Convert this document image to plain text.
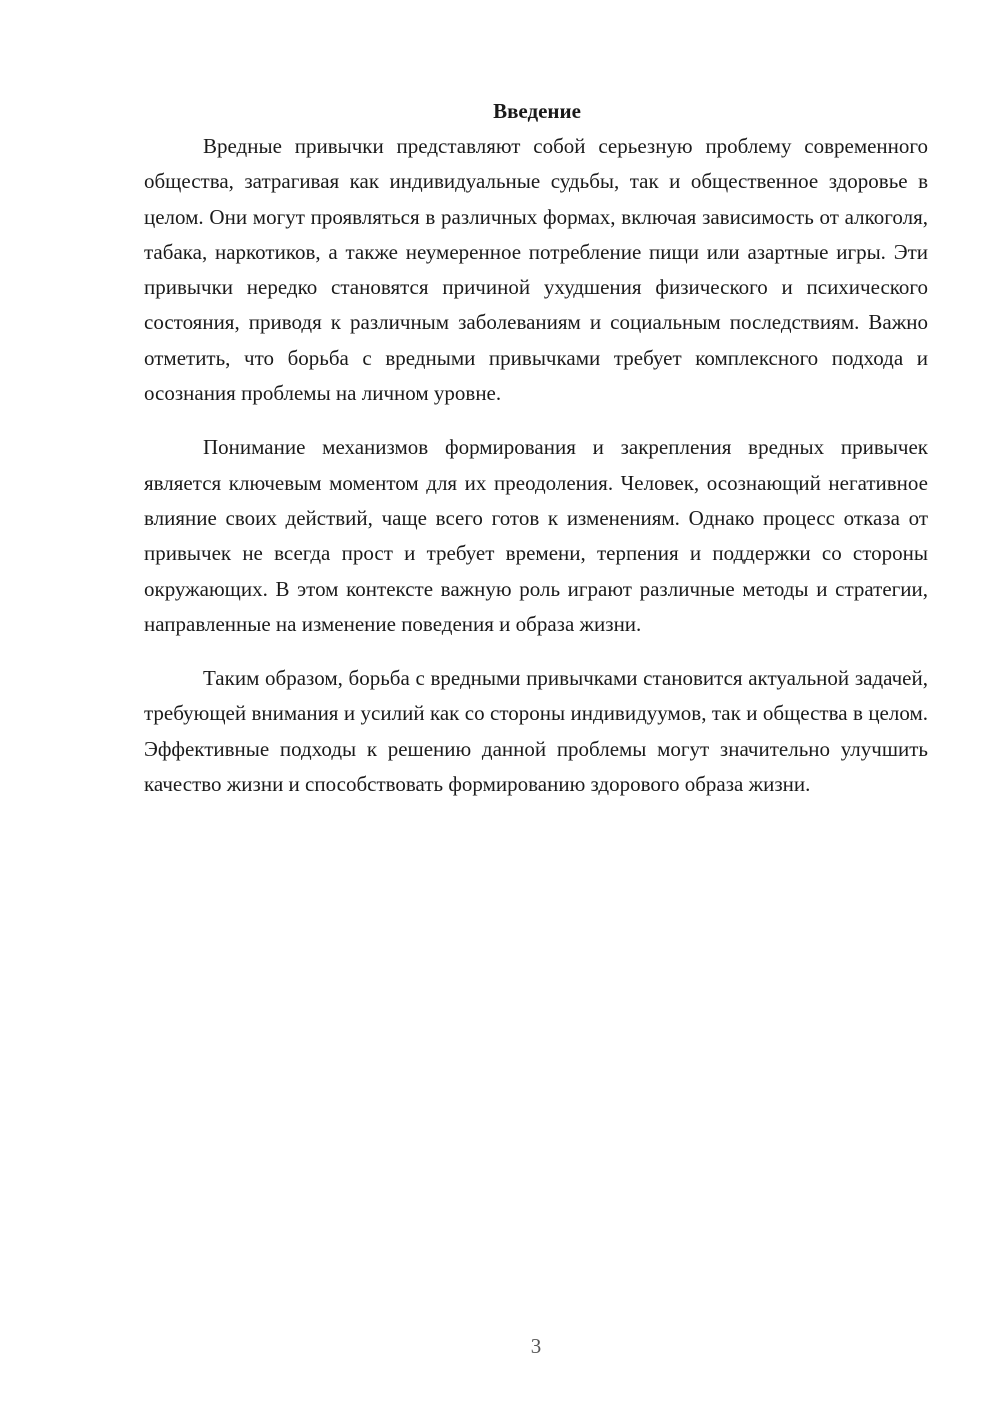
Введение

Вредные привычки представляют собой серьезную проблему современного общества, затрагивая как индивидуальные судьбы, так и общественное здоровье в целом. Они могут проявляться в различных формах, включая зависимость от алкоголя, табака, наркотиков, а также неумеренное потребление пищи или азартные игры. Эти привычки нередко становятся причиной ухудшения физического и психического состояния, приводя к различным заболеваниям и социальным последствиям. Важно отметить, что борьба с вредными привычками требует комплексного подхода и осознания проблемы на личном уровне.

Понимание механизмов формирования и закрепления вредных привычек является ключевым моментом для их преодоления. Человек, осознающий негативное влияние своих действий, чаще всего готов к изменениям. Однако процесс отказа от привычек не всегда прост и требует времени, терпения и поддержки со стороны окружающих. В этом контексте важную роль играют различные методы и стратегии, направленные на изменение поведения и образа жизни.

Таким образом, борьба с вредными привычками становится актуальной задачей, требующей внимания и усилий как со стороны индивидуумов, так и общества в целом. Эффективные подходы к решению данной проблемы могут значительно улучшить качество жизни и способствовать формированию здорового образа жизни.

3
